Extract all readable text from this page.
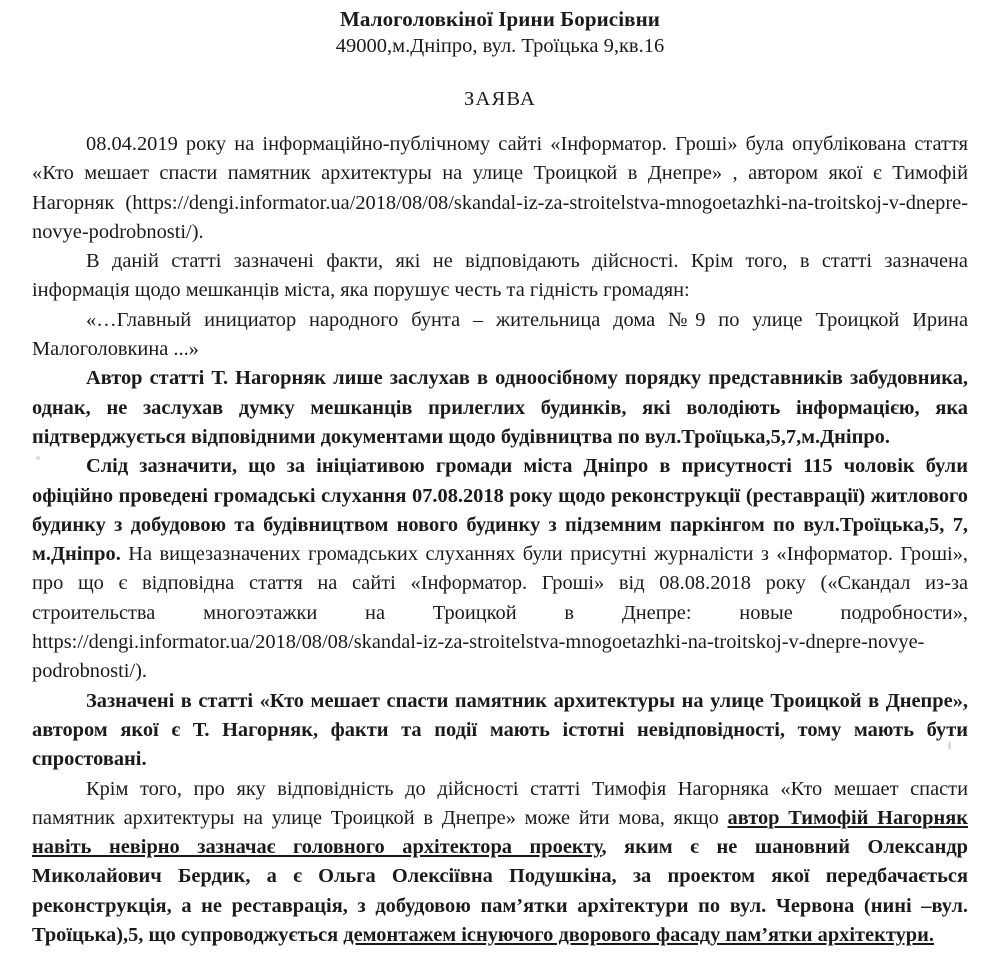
Малоголовкіної Ірини Борисівни
49000,м.Дніпро, вул. Троїцька 9,кв.16
ЗАЯВА

08.04.2019 року на інформаційно-публічному сайті «Інформатор. Гроші» була опублікована стаття «Кто мешает спасти памятник архитектуры на улице Троицкой в Днепре» , автором якої є Тимофій Нагорняк (https://dengi.informator.ua/2018/08/08/skandal-iz-za-stroitelstva-mnogoetazhki-na-troitskoj-v-dnepre-novye-podrobnosti/).

В даній статті зазначені факти, які не відповідають дійсності. Крім того, в статті зазначена інформація щодо мешканців міста, яка порушує честь та гідність громадян:

«…Главный инициатор народного бунта – жительница дома №9 по улице Троицкой Ирина Малоголовкина ...»

Автор статті Т. Нагорняк лише заслухав в одноосібному порядку представників забудовника, однак, не заслухав думку мешканців прилеглих будинків, які володіють інформацією, яка підтверджується відповідними документами щодо будівництва по вул.Троїцька,5,7,м.Дніпро.

Слід зазначити, що за ініціативою громади міста Дніпро в присутності 115 чоловік були офіційно проведені громадські слухання 07.08.2018 року щодо реконструкції (реставрації) житлового будинку з добудовою та будівництвом нового будинку з підземним паркінгом по вул.Троїцька,5, 7, м.Дніпро. На вищезазначених громадських слуханнях були присутні журналісти з «Інформатор. Гроші», про що є відповідна стаття на сайті «Інформатор. Гроші» від 08.08.2018 року («Скандал из-за строительства многоэтажки на Троицкой в Днепре: новые подробности», https://dengi.informator.ua/2018/08/08/skandal-iz-za-stroitelstva-mnogoetazhki-na-troitskoj-v-dnepre-novye-podrobnosti/).

Зазначені в статті «Кто мешает спасти памятник архитектуры на улице Троицкой в Днепре», автором якої є Т. Нагорняк, факти та події мають істотні невідповідності, тому мають бути спростовані.

Крім того, про яку відповідність до дійсності статті Тимофія Нагорняка «Кто мешает спасти памятник архитектуры на улице Троицкой в Днепре» може йти мова, якщо автор Тимофій Нагорняк навіть невірно зазначає головного архітектора проекту, яким є не шановний Олександр Миколайович Бердик, а є Ольга Олексіївна Подушкіна, за проектом якої передбачається реконструкція, а не реставрація, з добудовою пам’ятки архітектури по вул. Червона (нині –вул. Троїцька),5, що супроводжується демонтажем існуючого дворового фасаду пам’ятки архітектури.
